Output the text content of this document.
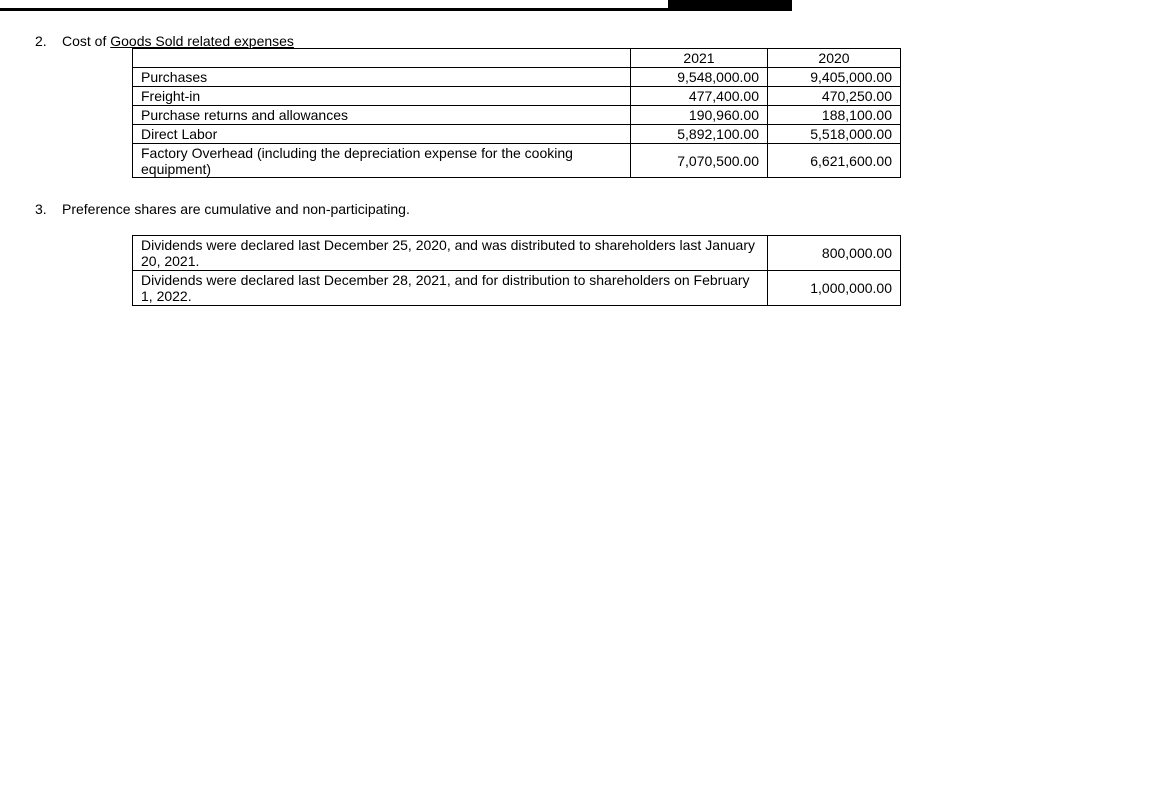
2. Cost of Goods Sold related expenses
	2021	2020
Purchases	9,548,000.00	9,405,000.00
Freight-in	477,400.00	470,250.00
Purchase returns and allowances	190,960.00	188,100.00
Direct Labor	5,892,100.00	5,518,000.00
Factory Overhead (including the depreciation expense for the cooking equipment)	7,070,500.00	6,621,600.00
3. Preference shares are cumulative and non-participating.
Dividends were declared last December 25, 2020, and was distributed to shareholders last January 20, 2021.	800,000.00
Dividends were declared last December 28, 2021, and for distribution to shareholders on February 1, 2022.	1,000,000.00
